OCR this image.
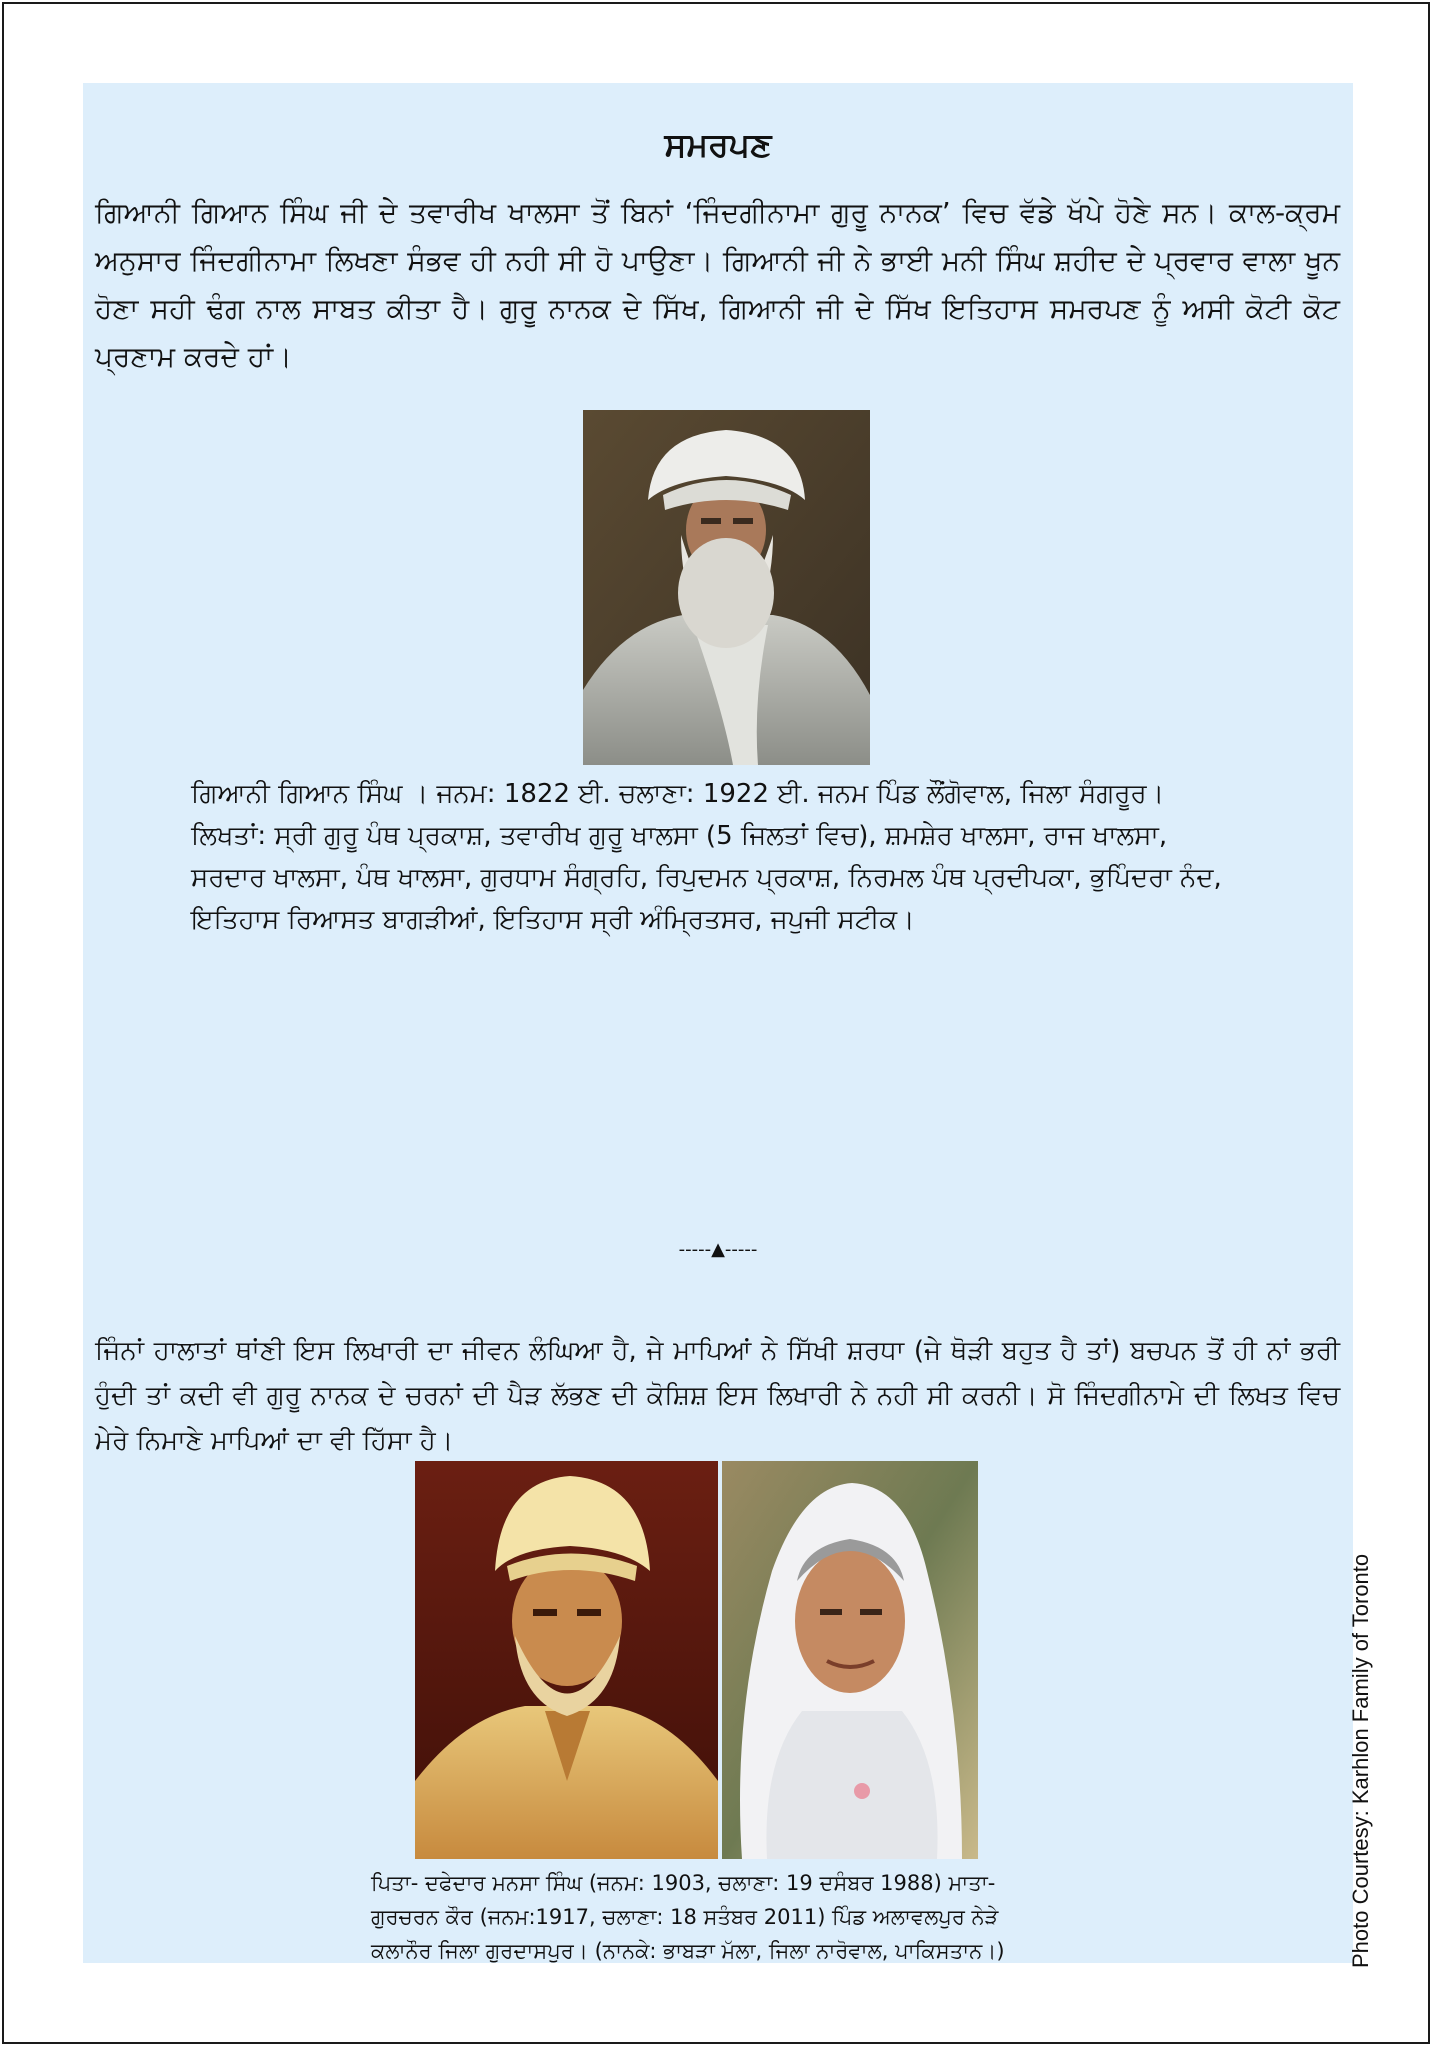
ਸਮਰਪਣ

ਗਿਆਨੀ ਗਿਆਨ ਸਿੰਘ ਜੀ ਦੇ ਤਵਾਰੀਖ ਖਾਲਸਾ ਤੋਂ ਬਿਨਾਂ ‘ਜਿੰਦਗੀਨਾਮਾ ਗੁਰੂ ਨਾਨਕ’ ਵਿਚ ਵੱਡੇ ਖੱਪੇ ਹੋਣੇ ਸਨ। ਕਾਲ-ਕ੍ਰਮ ਅਨੁਸਾਰ ਜਿੰਦਗੀਨਾਮਾ ਲਿਖਣਾ ਸੰਭਵ ਹੀ ਨਹੀ ਸੀ ਹੋ ਪਾਉਣਾ। ਗਿਆਨੀ ਜੀ ਨੇ ਭਾਈ ਮਨੀ ਸਿੰਘ ਸ਼ਹੀਦ ਦੇ ਪ੍ਰਵਾਰ ਵਾਲਾ ਖੂਨ ਹੋਣਾ ਸਹੀ ਢੰਗ ਨਾਲ ਸਾਬਤ ਕੀਤਾ ਹੈ। ਗੁਰੂ ਨਾਨਕ ਦੇ ਸਿੱਖ, ਗਿਆਨੀ ਜੀ ਦੇ ਸਿੱਖ ਇਤਿਹਾਸ ਸਮਰਪਣ ਨੂੰ ਅਸੀ ਕੋਟੀ ਕੋਟ ਪ੍ਰਣਾਮ ਕਰਦੇ ਹਾਂ।

ਗਿਆਨੀ ਗਿਆਨ ਸਿੰਘ । ਜਨਮ: 1822 ਈ. ਚਲਾਣਾ: 1922 ਈ. ਜਨਮ ਪਿੰਡ ਲੌਂਗੋਵਾਲ, ਜਿਲਾ ਸੰਗਰੂਰ। ਲਿਖਤਾਂ: ਸ੍ਰੀ ਗੁਰੂ ਪੰਥ ਪ੍ਰਕਾਸ਼, ਤਵਾਰੀਖ ਗੁਰੂ ਖਾਲਸਾ (5 ਜਿਲਤਾਂ ਵਿਚ), ਸ਼ਮਸ਼ੇਰ ਖਾਲਸਾ, ਰਾਜ ਖਾਲਸਾ, ਸਰਦਾਰ ਖਾਲਸਾ, ਪੰਥ ਖਾਲਸਾ, ਗੁਰਧਾਮ ਸੰਗ੍ਰਹਿ, ਰਿਪੁਦਮਨ ਪ੍ਰਕਾਸ਼, ਨਿਰਮਲ ਪੰਥ ਪ੍ਰਦੀਪਕਾ, ਭੁਪਿੰਦਰਾ ਨੰਦ, ਇਤਿਹਾਸ ਰਿਆਸਤ ਬਾਗੜੀਆਂ, ਇਤਿਹਾਸ ਸ੍ਰੀ ਅੰਮ੍ਰਿਤਸਰ, ਜਪੁਜੀ ਸਟੀਕ।

-----▲-----

ਜਿੰਨਾਂ ਹਾਲਾਤਾਂ ਥਾਂਣੀ ਇਸ ਲਿਖਾਰੀ ਦਾ ਜੀਵਨ ਲੰਘਿਆ ਹੈ, ਜੇ ਮਾਪਿਆਂ ਨੇ ਸਿੱਖੀ ਸ਼ਰਧਾ (ਜੇ ਥੋੜੀ ਬਹੁਤ ਹੈ ਤਾਂ) ਬਚਪਨ ਤੋਂ ਹੀ ਨਾਂ ਭਰੀ ਹੁੰਦੀ ਤਾਂ ਕਦੀ ਵੀ ਗੁਰੂ ਨਾਨਕ ਦੇ ਚਰਨਾਂ ਦੀ ਪੈੜ ਲੱਭਣ ਦੀ ਕੋਸ਼ਿਸ਼ ਇਸ ਲਿਖਾਰੀ ਨੇ ਨਹੀ ਸੀ ਕਰਨੀ। ਸੋ ਜਿੰਦਗੀਨਾਮੇ ਦੀ ਲਿਖਤ ਵਿਚ ਮੇਰੇ ਨਿਮਾਣੇ ਮਾਪਿਆਂ ਦਾ ਵੀ ਹਿੱਸਾ ਹੈ।

ਪਿਤਾ- ਦਫੇਦਾਰ ਮਨਸਾ ਸਿੰਘ (ਜਨਮ: 1903, ਚਲਾਣਾ: 19 ਦਸੰਬਰ 1988) ਮਾਤਾ- ਗੁਰਚਰਨ ਕੌਰ (ਜਨਮ:1917, ਚਲਾਣਾ: 18 ਸਤੰਬਰ 2011) ਪਿੰਡ ਅਲਾਵਲਪੁਰ ਨੇੜੇ ਕਲਾਨੌਰ ਜਿਲਾ ਗੁਰਦਾਸਪੁਰ। (ਨਾਨਕੇ: ਭਾਬੜਾ ਮੱਲਾ, ਜਿਲਾ ਨਾਰੋਵਾਲ, ਪਾਕਿਸਤਾਨ।)	Photo Courtesy: Karhlon Family of Toronto
